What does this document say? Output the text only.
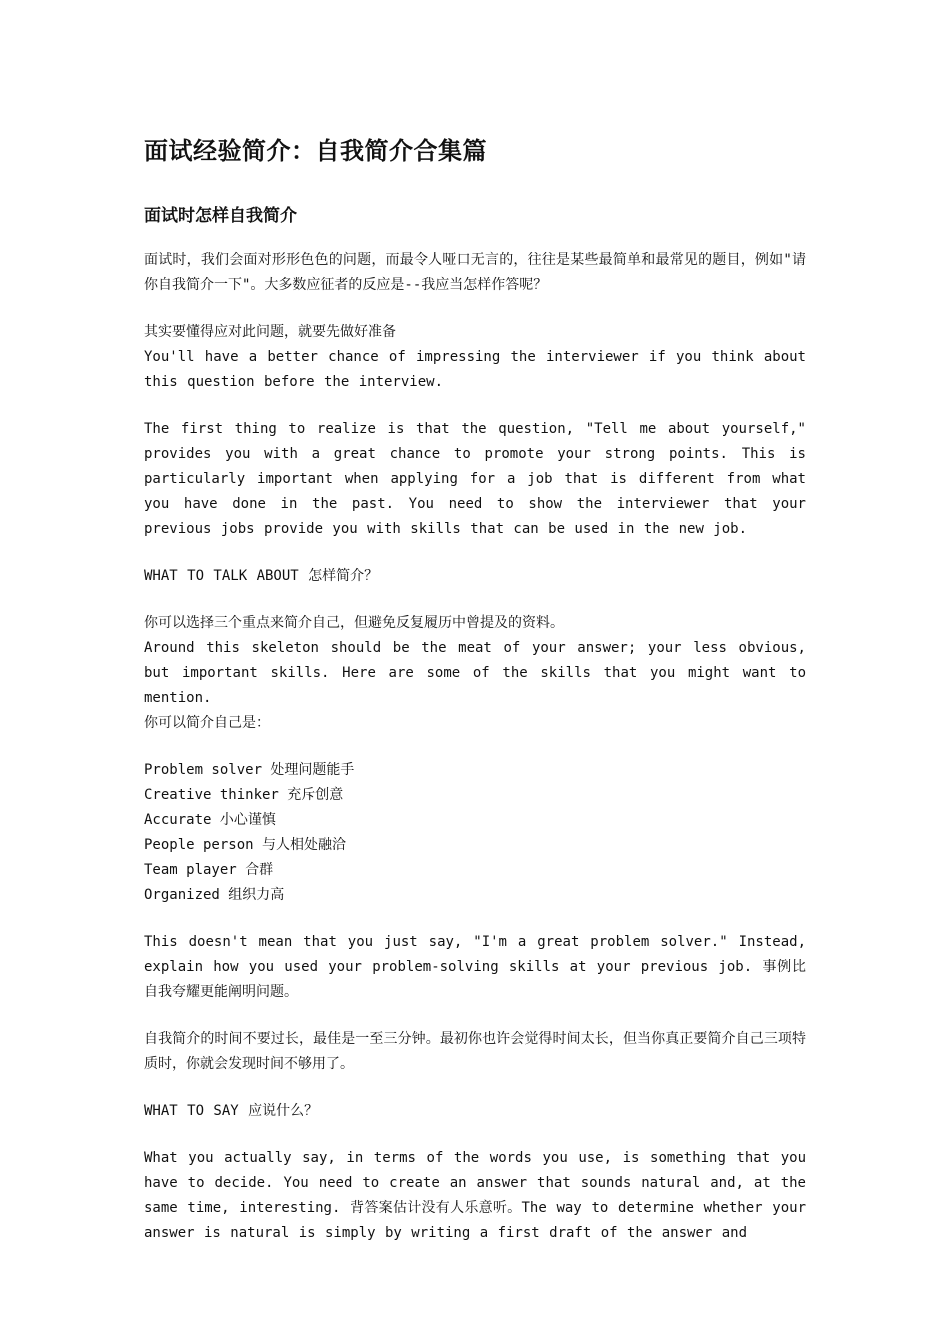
面试经验简介：自我简介合集篇
面试时怎样自我简介

面试时，我们会面对形形色色的问题，而最令人哑口无言的，往往是某些最简单和最常见的题目，例如"请你自我简介一下"。大多数应征者的反应是--我应当怎样作答呢？

其实要懂得应对此问题，就要先做好准备
You'll have a better chance of impressing the interviewer if you think about this question before the interview.

The first thing to realize is that the question, "Tell me about yourself," provides you with a great chance to promote your strong points. This is particularly important when applying for a job that is different from what you have done in the past. You need to show the interviewer that your previous jobs provide you with skills that can be used in the new job.

WHAT TO TALK ABOUT 怎样简介？

你可以选择三个重点来简介自己，但避免反复履历中曾提及的资料。
Around this skeleton should be the meat of your answer; your less obvious, but important skills. Here are some of the skills that you might want to mention.
你可以简介自己是：

Problem solver 处理问题能手
Creative thinker 充斥创意
Accurate 小心谨慎
People person 与人相处融洽
Team player 合群
Organized 组织力高

This doesn't mean that you just say, "I'm a great problem solver." Instead, explain how you used your problem-solving skills at your previous job. 事例比自我夸耀更能阐明问题。

自我简介的时间不要过长，最佳是一至三分钟。最初你也许会觉得时间太长，但当你真正要简介自己三项特质时，你就会发现时间不够用了。

WHAT TO SAY 应说什么？

What you actually say, in terms of the words you use, is something that you have to decide. You need to create an answer that sounds natural and, at the same time, interesting. 背答案估计没有人乐意听。The way to determine whether your answer is natural is simply by writing a first draft of the answer and
